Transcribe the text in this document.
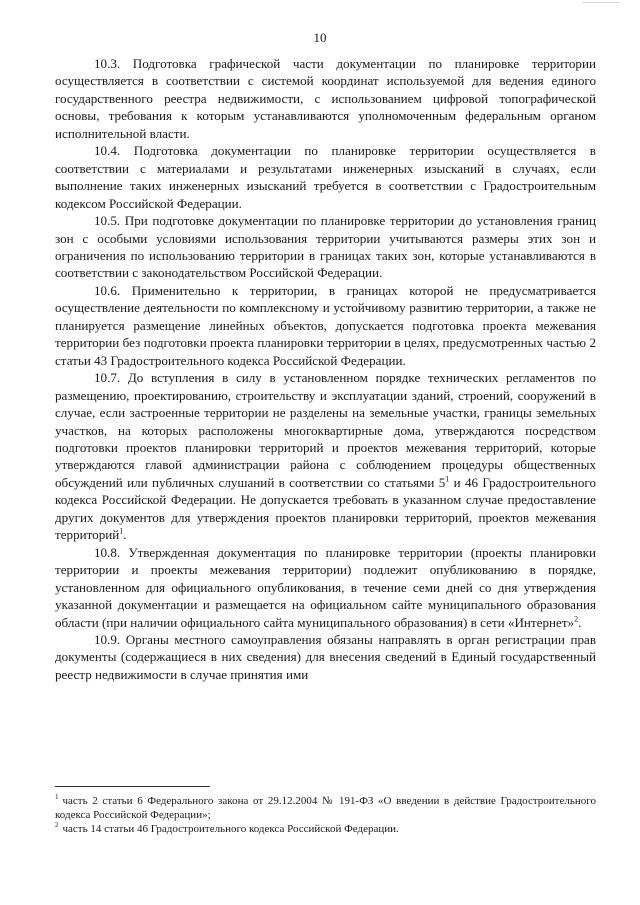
10

10.3. Подготовка графической части документации по планировке территории осуществляется в соответствии с системой координат используемой для ведения единого государственного реестра недвижимости, с использованием цифровой топографической основы, требования к которым устанавливаются уполномоченным федеральным органом исполнительной власти.

10.4. Подготовка документации по планировке территории осуществляется в соответствии с материалами и результатами инженерных изысканий в случаях, если выполнение таких инженерных изысканий требуется в соответствии с Градостроительным кодексом Российской Федерации.

10.5. При подготовке документации по планировке территории до установления границ зон с особыми условиями использования территории учитываются размеры этих зон и ограничения по использованию территории в границах таких зон, которые устанавливаются в соответствии с законодательством Российской Федерации.

10.6. Применительно к территории, в границах которой не предусматривается осуществление деятельности по комплексному и устойчивому развитию территории, а также не планируется размещение линейных объектов, допускается подготовка проекта межевания территории без подготовки проекта планировки территории в целях, предусмотренных частью 2 статьи 43 Градостроительного кодекса Российской Федерации.

10.7. До вступления в силу в установленном порядке технических регламентов по размещению, проектированию, строительству и эксплуатации зданий, строений, сооружений в случае, если застроенные территории не разделены на земельные участки, границы земельных участков, на которых расположены многоквартирные дома, утверждаются посредством подготовки проектов планировки территорий и проектов межевания территорий, которые утверждаются главой администрации района с соблюдением процедуры общественных обсуждений или публичных слушаний в соответствии со статьями $5^1$ и 46 Градостроительного кодекса Российской Федерации. Не допускается требовать в указанном случае предоставление других документов для утверждения проектов планировки территорий, проектов межевания территорий$^1$.

10.8. Утвержденная документация по планировке территории (проекты планировки территории и проекты межевания территории) подлежит опубликованию в порядке, установленном для официального опубликования, в течение семи дней со дня утверждения указанной документации и размещается на официальном сайте муниципального образования области (при наличии официального сайта муниципального образования) в сети «Интернет»$^2$.

10.9. Органы местного самоуправления обязаны направлять в орган регистрации прав документы (содержащиеся в них сведения) для внесения сведений в Единый государственный реестр недвижимости в случае принятия ими

$^1$ часть 2 статьи 6 Федерального закона от 29.12.2004 № 191-ФЗ «О введении в действие Градостроительного кодекса Российской Федерации»;

$^2$ часть 14 статьи 46 Градостроительного кодекса Российской Федерации.
